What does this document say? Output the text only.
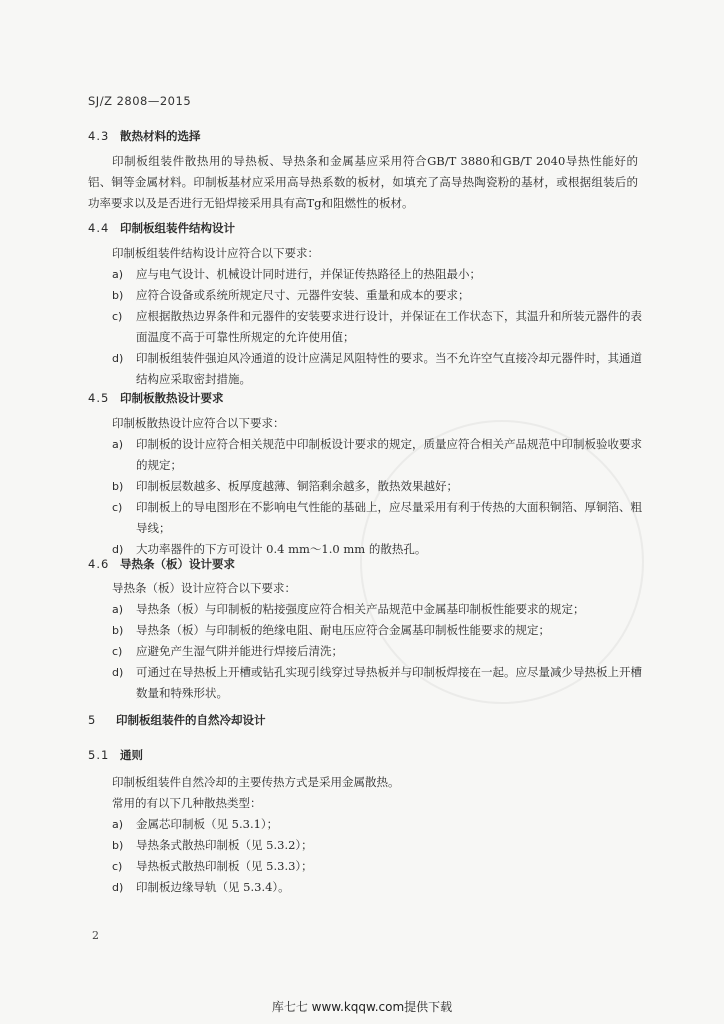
SJ/Z 2808—2015
4.3 散热材料的选择
印制板组装件散热用的导热板、导热条和金属基应采用符合GB/T 3880和GB/T 2040导热性能好的铝、铜等金属材料。印制板基材应采用高导热系数的板材，如填充了高导热陶瓷粉的基材，或根据组装后的功率要求以及是否进行无铅焊接采用具有高Tg和阻燃性的板材。
4.4 印制板组装件结构设计
印制板组装件结构设计应符合以下要求：
a)	应与电气设计、机械设计同时进行，并保证传热路径上的热阻最小；
b)	应符合设备或系统所规定尺寸、元器件安装、重量和成本的要求；
c)	应根据散热边界条件和元器件的安装要求进行设计，并保证在工作状态下，其温升和所装元器件的表面温度不高于可靠性所规定的允许使用值；
d)	印制板组装件强迫风冷通道的设计应满足风阻特性的要求。当不允许空气直接冷却元器件时，其通道结构应采取密封措施。
4.5 印制板散热设计要求
印制板散热设计应符合以下要求：
a)	印制板的设计应符合相关规范中印制板设计要求的规定，质量应符合相关产品规范中印制板验收要求的规定；
b)	印制板层数越多、板厚度越薄、铜箔剩余越多，散热效果越好；
c)	印制板上的导电图形在不影响电气性能的基础上，应尽量采用有利于传热的大面积铜箔、厚铜箔、粗导线；
d)	大功率器件的下方可设计 0.4 mm～1.0 mm 的散热孔。
4.6 导热条（板）设计要求
导热条（板）设计应符合以下要求：
a)	导热条（板）与印制板的粘接强度应符合相关产品规范中金属基印制板性能要求的规定；
b)	导热条（板）与印制板的绝缘电阻、耐电压应符合金属基印制板性能要求的规定；
c)	应避免产生湿气阱并能进行焊接后清洗；
d)	可通过在导热板上开槽或钻孔实现引线穿过导热板并与印制板焊接在一起。应尽量减少导热板上开槽数量和特殊形状。
5 印制板组装件的自然冷却设计
5.1 通则
印制板组装件自然冷却的主要传热方式是采用金属散热。
常用的有以下几种散热类型：
a)	金属芯印制板（见 5.3.1）；
b)	导热条式散热印制板（见 5.3.2）；
c)	导热板式散热印制板（见 5.3.3）；
d)	印制板边缘导轨（见 5.3.4）。
2
库七七 www.kqqw.com提供下载
